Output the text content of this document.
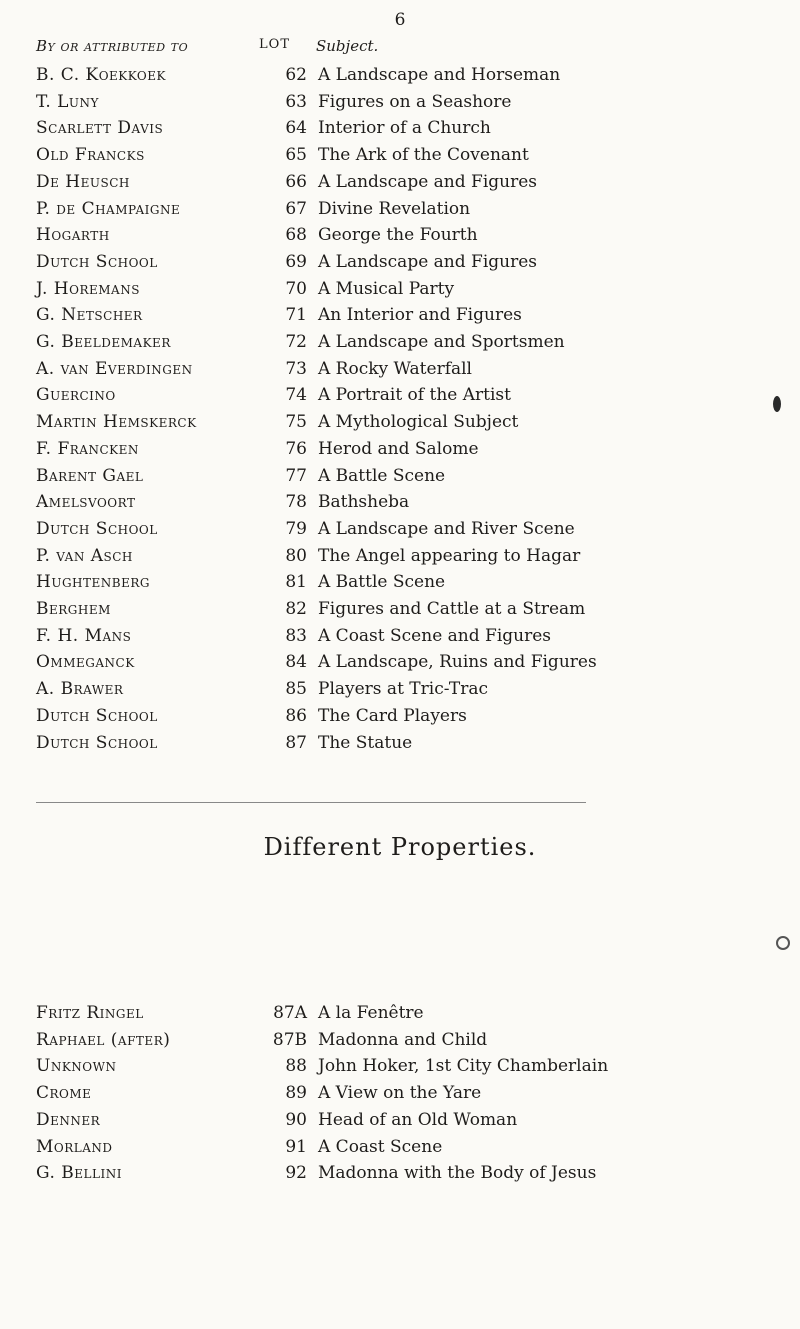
6
By or attributed to	LOT Subject.
B. C. Koekkoek	62 A Landscape and Horseman
T. Luny	63 Figures on a Seashore
Scarlett Davis	64 Interior of a Church
Old Francks	65 The Ark of the Covenant
De Heusch	66 A Landscape and Figures
P. de Champaigne	67 Divine Revelation
Hogarth	68 George the Fourth
Dutch School	69 A Landscape and Figures
J. Horemans	70 A Musical Party
G. Netscher	71 An Interior and Figures
G. Beeldemaker	72 A Landscape and Sportsmen
A. van Everdingen	73 A Rocky Waterfall
Guercino	74 A Portrait of the Artist
Martin Hemskerck	75 A Mythological Subject
F. Francken	76 Herod and Salome
Barent Gael	77 A Battle Scene
Amelsvoort	78 Bathsheba
Dutch School	79 A Landscape and River Scene
P. van Asch	80 The Angel appearing to Hagar
Hughtenberg	81 A Battle Scene
Berghem	82 Figures and Cattle at a Stream
F. H. Mans	83 A Coast Scene and Figures
Ommeganck	84 A Landscape, Ruins and Figures
A. Brawer	85 Players at Tric-Trac
Dutch School	86 The Card Players
Dutch School	87 The Statue
Different Properties.
Fritz Ringel	87A A la Fenêtre
Raphael (after)	87B Madonna and Child
Unknown	88 John Hoker, 1st City Chamberlain
Crome	89 A View on the Yare
Denner	90 Head of an Old Woman
Morland	91 A Coast Scene
G. Bellini	92 Madonna with the Body of Jesus
